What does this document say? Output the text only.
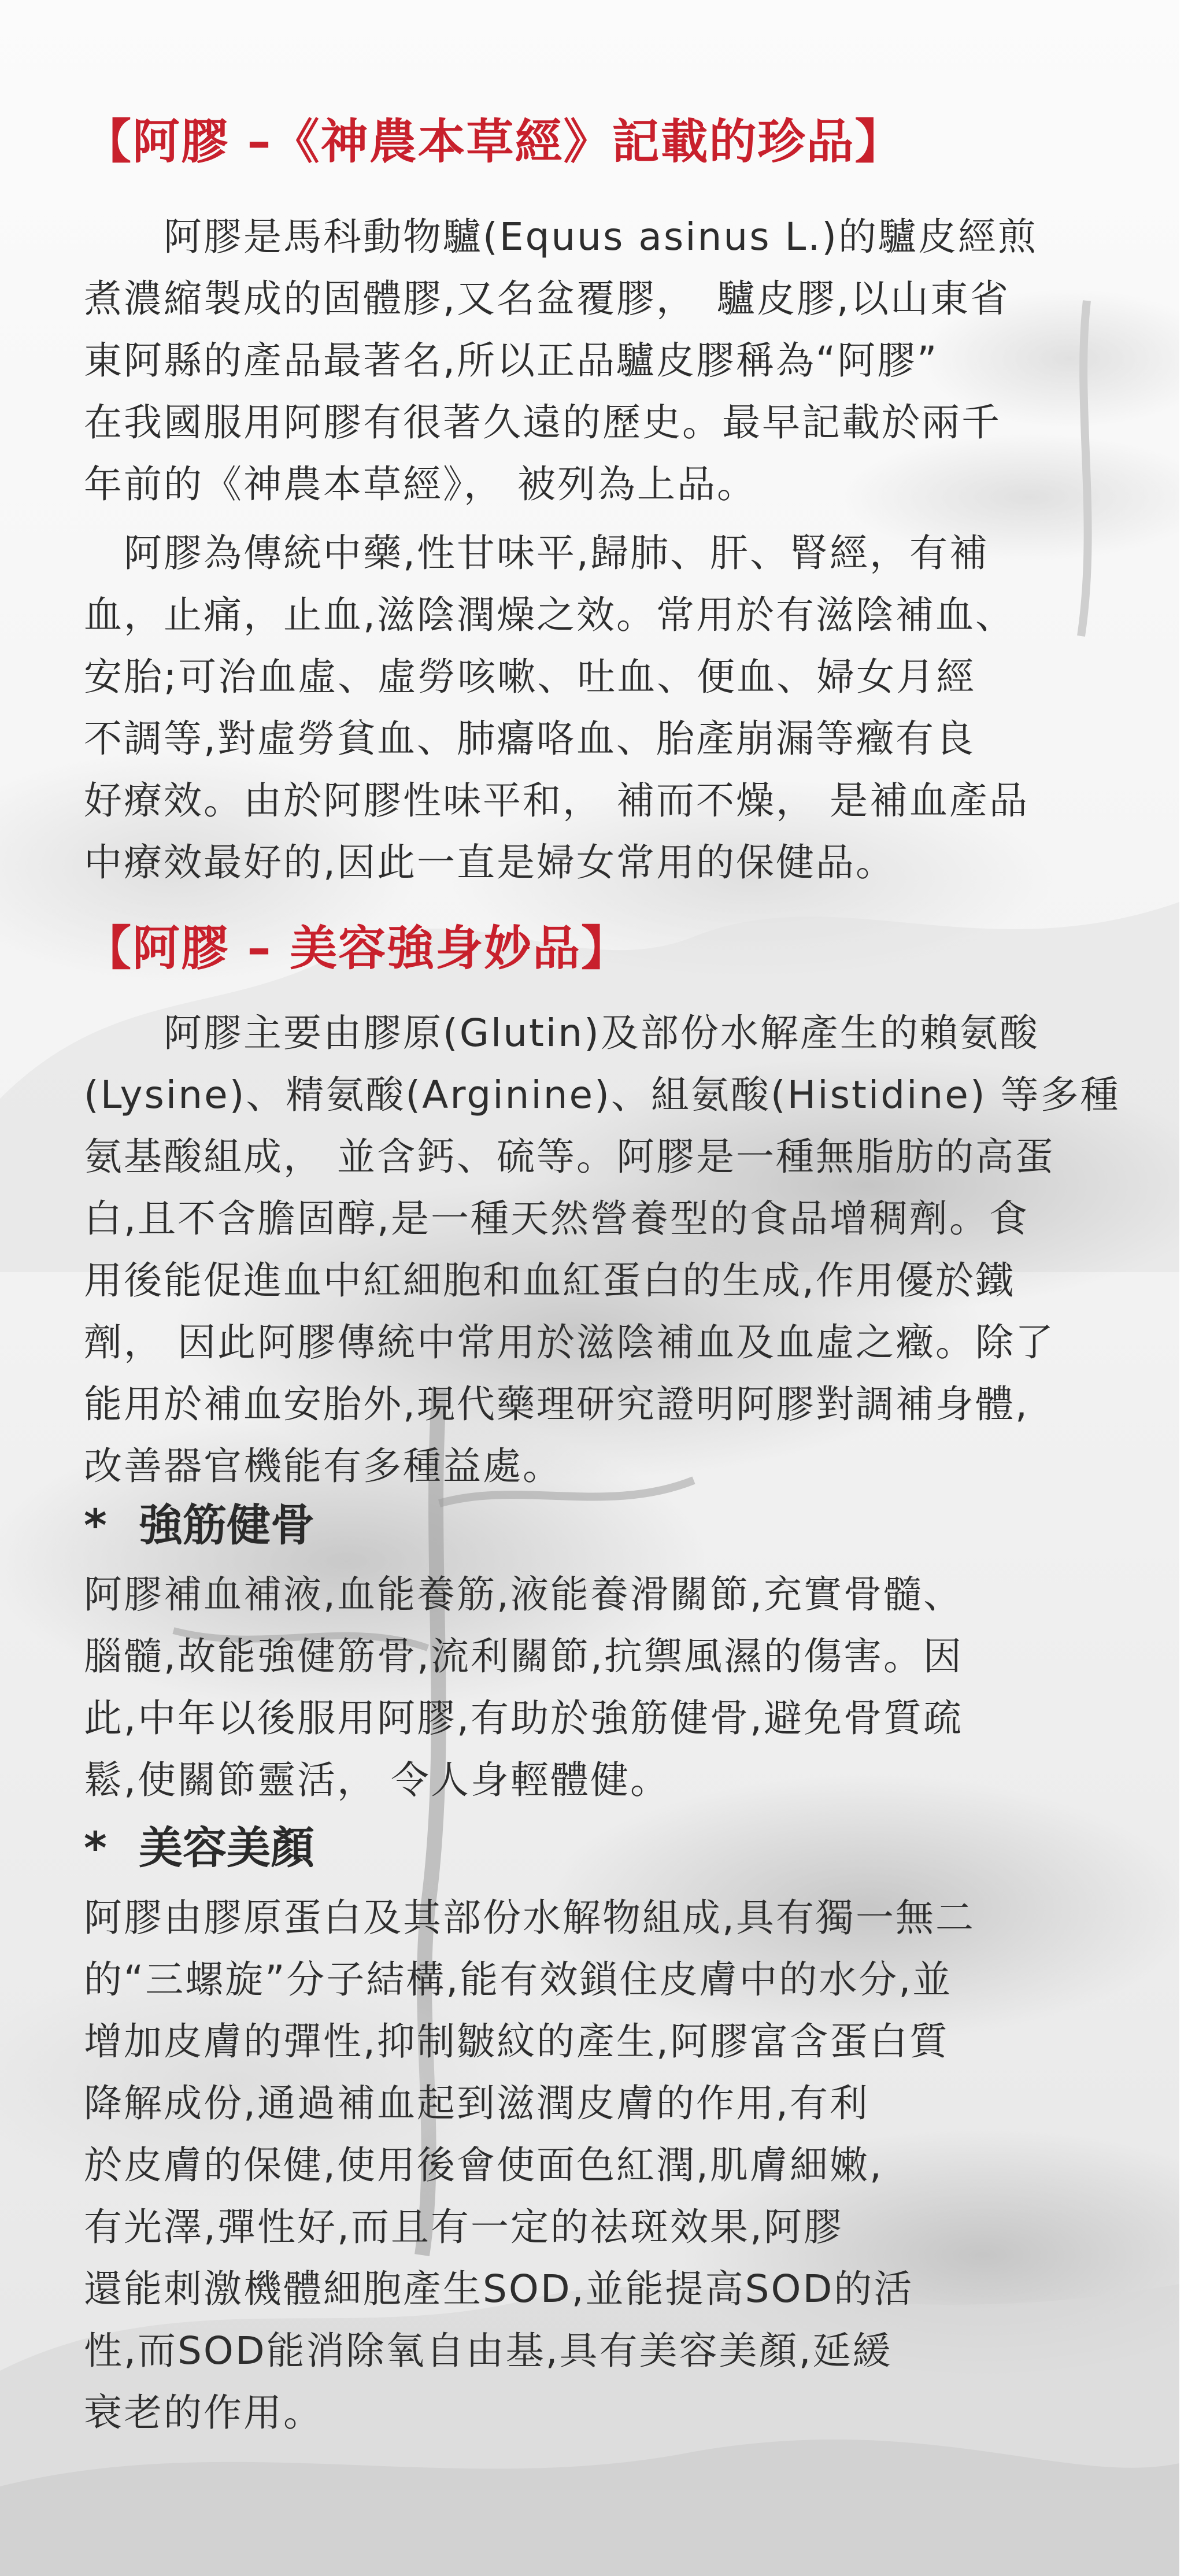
【阿膠 –《神農本草經》記載的珍品】
　　阿膠是馬科動物驢(Equus asinus L.)的驢皮經煎
煮濃縮製成的固體膠,又名盆覆膠，　驢皮膠,以山東省
東阿縣的產品最著名,所以正品驢皮膠稱為“阿膠”
在我國服用阿膠有很著久遠的歷史。最早記載於兩千
年前的《神農本草經》， 被列為上品。
　阿膠為傳統中藥,性甘味平,歸肺、肝、腎經，有補
血，止痛，止血,滋陰潤燥之效。常用於有滋陰補血、
安胎;可治血虛、虛勞咳嗽、吐血、便血、婦女月經
不調等,對虛勞貧血、肺癟咯血、胎產崩漏等癥有良
好療效。由於阿膠性味平和， 補而不燥， 是補血產品
中療效最好的,因此一直是婦女常用的保健品。
【阿膠 – 美容強身妙品】
　　阿膠主要由膠原(Glutin)及部份水解產生的賴氨酸
(Lysine)、精氨酸(Arginine)、組氨酸(Histidine) 等多種
氨基酸組成， 並含鈣、硫等。阿膠是一種無脂肪的高蛋
白,且不含膽固醇,是一種天然營養型的食品增稠劑。食
用後能促進血中紅細胞和血紅蛋白的生成,作用優於鐵
劑， 因此阿膠傳統中常用於滋陰補血及血虛之癥。除了
能用於補血安胎外,現代藥理研究證明阿膠對調補身體,
改善器官機能有多種益處。
* 強筋健骨
阿膠補血補液,血能養筋,液能養滑關節,充實骨髓、
腦髓,故能強健筋骨,流利關節,抗禦風濕的傷害。因
此,中年以後服用阿膠,有助於強筋健骨,避免骨質疏
鬆,使關節靈活， 令人身輕體健。
* 美容美顏
阿膠由膠原蛋白及其部份水解物組成,具有獨一無二
的“三螺旋”分子結構,能有效鎖住皮膚中的水分,並
增加皮膚的彈性,抑制皺紋的產生,阿膠富含蛋白質
降解成份,通過補血起到滋潤皮膚的作用,有利
於皮膚的保健,使用後會使面色紅潤,肌膚細嫩,
有光澤,彈性好,而且有一定的祛斑效果,阿膠
還能刺激機體細胞產生SOD,並能提高SOD的活
性,而SOD能消除氧自由基,具有美容美顏,延緩
衰老的作用。
